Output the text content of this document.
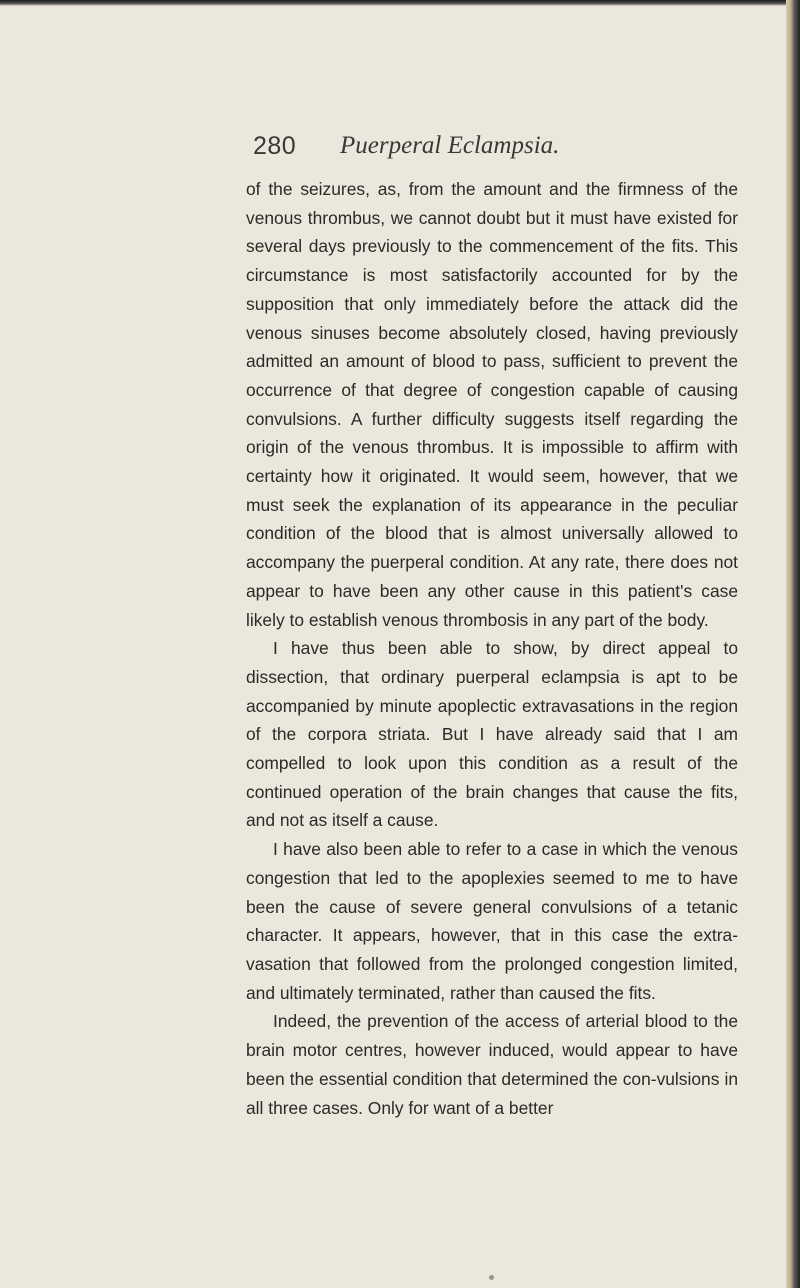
280 Puerperal Eclampsia.

of the seizures, as, from the amount and the firmness of the venous thrombus, we cannot doubt but it must have existed for several days previously to the commencement of the fits. This circumstance is most satisfactorily accounted for by the supposition that only immediately before the attack did the venous sinuses become absolutely closed, having previously admitted an amount of blood to pass, sufficient to prevent the occurrence of that degree of congestion capable of causing convulsions. A further difficulty suggests itself regarding the origin of the venous thrombus. It is impossible to affirm with certainty how it originated. It would seem, however, that we must seek the explanation of its appearance in the peculiar condition of the blood that is almost universally allowed to accompany the puerperal condition. At any rate, there does not appear to have been any other cause in this patient's case likely to establish venous thrombosis in any part of the body.

I have thus been able to show, by direct appeal to dissection, that ordinary puerperal eclampsia is apt to be accompanied by minute apoplectic extravasations in the region of the corpora striata. But I have already said that I am compelled to look upon this condition as a result of the continued operation of the brain changes that cause the fits, and not as itself a cause.

I have also been able to refer to a case in which the venous congestion that led to the apoplexies seemed to me to have been the cause of severe general convulsions of a tetanic character. It appears, however, that in this case the extra-vasation that followed from the prolonged congestion limited, and ultimately terminated, rather than caused the fits.

Indeed, the prevention of the access of arterial blood to the brain motor centres, however induced, would appear to have been the essential condition that determined the con-vulsions in all three cases. Only for want of a better
